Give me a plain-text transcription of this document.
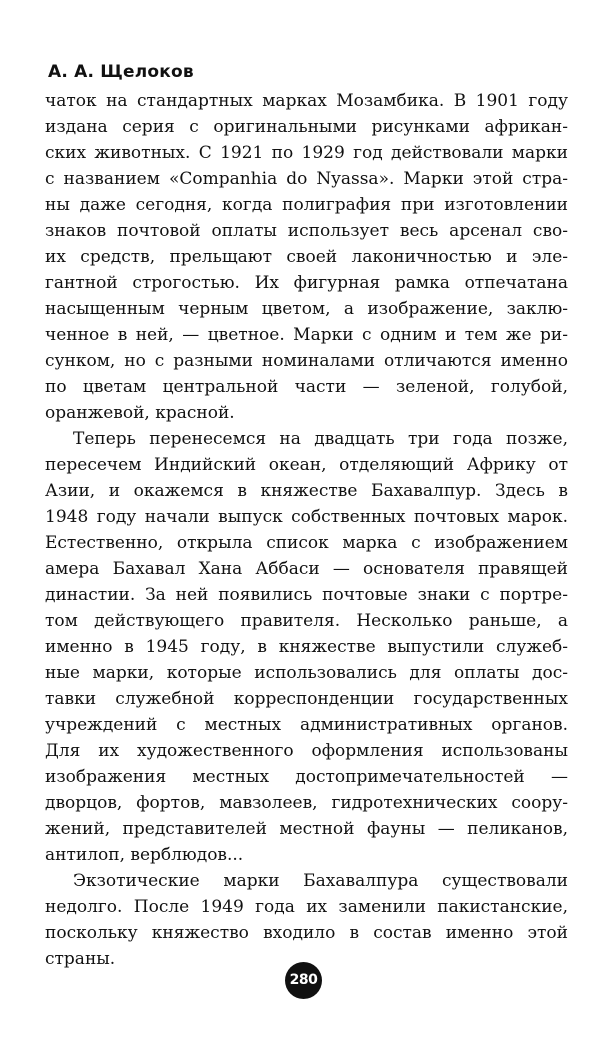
А. А. Щелоков
чаток на стандартных марках Мозамбика. В 1901 году
издана серия с оригинальными рисунками африкан-
ских животных. С 1921 по 1929 год действовали марки
с названием «Companhia do Nyassa». Марки этой стра-
ны даже сегодня, когда полиграфия при изготовлении
знаков почтовой оплаты использует весь арсенал сво-
их средств, прельщают своей лаконичностью и эле-
гантной строгостью. Их фигурная рамка отпечатана
насыщенным черным цветом, а изображение, заклю-
ченное в ней, — цветное. Марки с одним и тем же ри-
сунком, но с разными номиналами отличаются именно
по цветам центральной части — зеленой, голубой,
оранжевой, красной.
Теперь перенесемся на двадцать три года позже,
пересечем Индийский океан, отделяющий Африку от
Азии, и окажемся в княжестве Бахавалпур. Здесь в
1948 году начали выпуск собственных почтовых марок.
Естественно, открыла список марка с изображением
амера Бахавал Хана Аббаси — основателя правящей
династии. За ней появились почтовые знаки с портре-
том действующего правителя. Несколько раньше, а
именно в 1945 году, в княжестве выпустили служеб-
ные марки, которые использовались для оплаты дос-
тавки служебной корреспонденции государственных
учреждений с местных административных органов.
Для их художественного оформления использованы
изображения местных достопримечательностей —
дворцов, фортов, мавзолеев, гидротехнических соору-
жений, представителей местной фауны — пеликанов,
антилоп, верблюдов...
Экзотические марки Бахавалпура существовали
недолго. После 1949 года их заменили пакистанские,
поскольку княжество входило в состав именно этой
страны.
280
